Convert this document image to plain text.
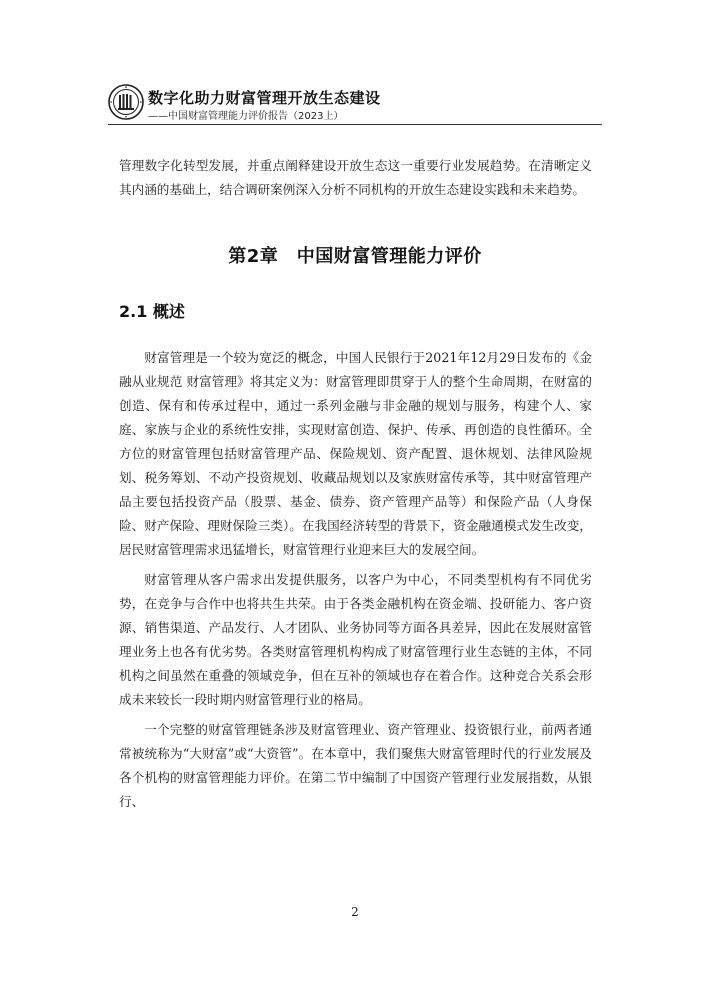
数字化助力财富管理开放生态建设
——中国财富管理能力评价报告（2023上）

管理数字化转型发展，并重点阐释建设开放生态这一重要行业发展趋势。在清晰定义其内涵的基础上，结合调研案例深入分析不同机构的开放生态建设实践和未来趋势。

第2章　中国财富管理能力评价
2.1 概述

财富管理是一个较为宽泛的概念，中国人民银行于2021年12月29日发布的《金融从业规范 财富管理》将其定义为：财富管理即贯穿于人的整个生命周期，在财富的创造、保有和传承过程中，通过一系列金融与非金融的规划与服务，构建个人、家庭、家族与企业的系统性安排，实现财富创造、保护、传承、再创造的良性循环。全方位的财富管理包括财富管理产品、保险规划、资产配置、退休规划、法律风险规划、税务筹划、不动产投资规划、收藏品规划以及家族财富传承等，其中财富管理产品主要包括投资产品（股票、基金、债券、资产管理产品等）和保险产品（人身保险、财产保险、理财保险三类）。在我国经济转型的背景下，资金融通模式发生改变，居民财富管理需求迅猛增长，财富管理行业迎来巨大的发展空间。

财富管理从客户需求出发提供服务，以客户为中心，不同类型机构有不同优劣势，在竞争与合作中也将共生共荣。由于各类金融机构在资金端、投研能力、客户资源、销售渠道、产品发行、人才团队、业务协同等方面各具差异，因此在发展财富管理业务上也各有优劣势。各类财富管理机构构成了财富管理行业生态链的主体，不同机构之间虽然在重叠的领域竞争，但在互补的领域也存在着合作。这种竞合关系会形成未来较长一段时期内财富管理行业的格局。

一个完整的财富管理链条涉及财富管理业、资产管理业、投资银行业，前两者通常被统称为“大财富”或“大资管”。在本章中，我们聚焦大财富管理时代的行业发展及各个机构的财富管理能力评价。在第二节中编制了中国资产管理行业发展指数，从银行、

2
